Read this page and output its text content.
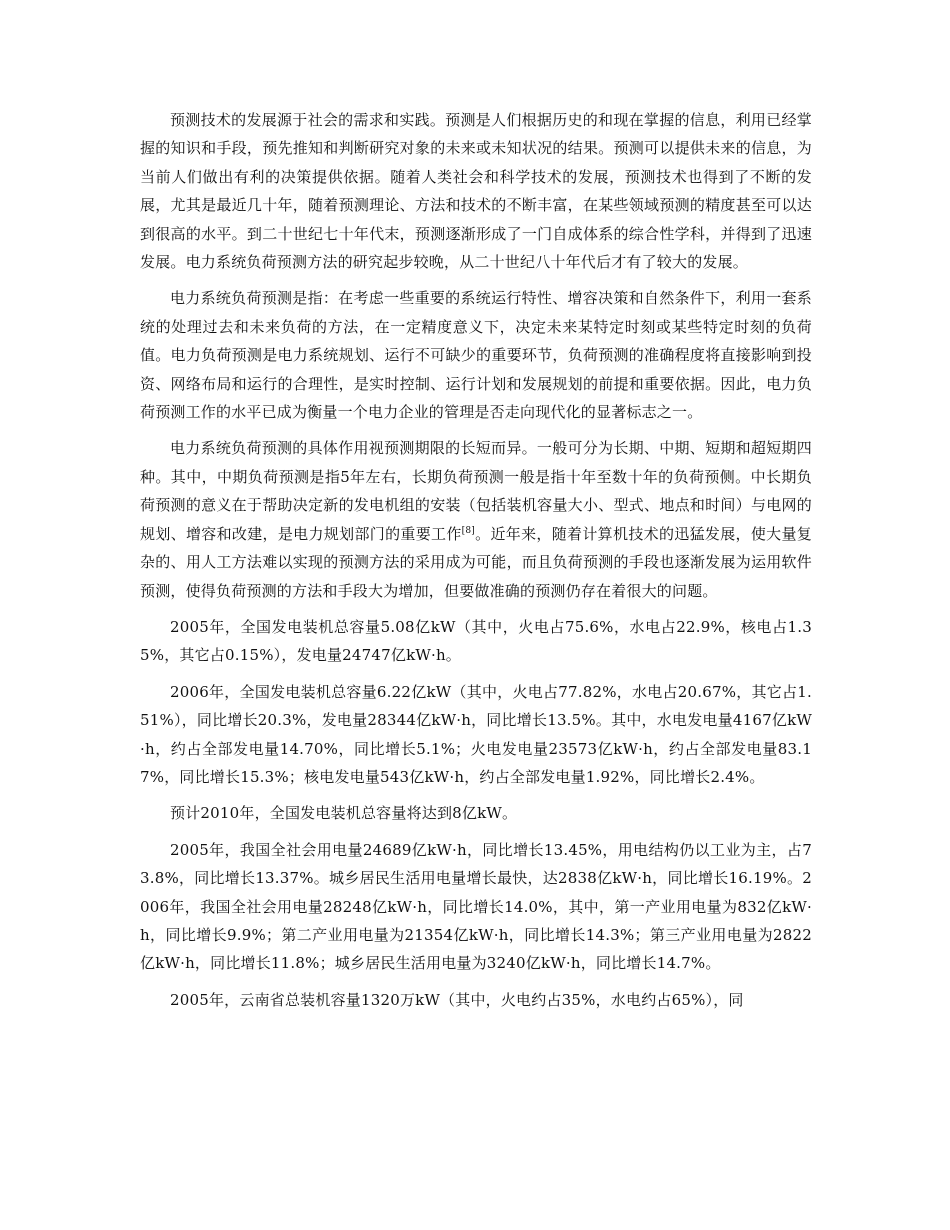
预测技术的发展源于社会的需求和实践。预测是人们根据历史的和现在掌握的信息，利用已经掌握的知识和手段，预先推知和判断研究对象的未来或未知状况的结果。预测可以提供未来的信息，为当前人们做出有利的决策提供依据。随着人类社会和科学技术的发展，预测技术也得到了不断的发展，尤其是最近几十年，随着预测理论、方法和技术的不断丰富，在某些领域预测的精度甚至可以达到很高的水平。到二十世纪七十年代末，预测逐渐形成了一门自成体系的综合性学科，并得到了迅速发展。电力系统负荷预测方法的研究起步较晚，从二十世纪八十年代后才有了较大的发展。

电力系统负荷预测是指：在考虑一些重要的系统运行特性、增容决策和自然条件下，利用一套系统的处理过去和未来负荷的方法，在一定精度意义下，决定未来某特定时刻或某些特定时刻的负荷值。电力负荷预测是电力系统规划、运行不可缺少的重要环节，负荷预测的准确程度将直接影响到投资、网络布局和运行的合理性，是实时控制、运行计划和发展规划的前提和重要依据。因此，电力负荷预测工作的水平已成为衡量一个电力企业的管理是否走向现代化的显著标志之一。

电力系统负荷预测的具体作用视预测期限的长短而异。一般可分为长期、中期、短期和超短期四种。其中，中期负荷预测是指5年左右，长期负荷预测一般是指十年至数十年的负荷预侧。中长期负荷预测的意义在于帮助决定新的发电机组的安装（包括装机容量大小、型式、地点和时间）与电网的规划、增容和改建，是电力规划部门的重要工作[8]。近年来，随着计算机技术的迅猛发展，使大量复杂的、用人工方法难以实现的预测方法的采用成为可能，而且负荷预测的手段也逐渐发展为运用软件预测，使得负荷预测的方法和手段大为增加，但要做准确的预测仍存在着很大的问题。

2005年，全国发电装机总容量5.08亿kW（其中，火电占75.6%，水电占22.9%，核电占1.35%，其它占0.15%），发电量24747亿kW·h。

2006年，全国发电装机总容量6.22亿kW（其中，火电占77.82%，水电占20.67%，其它占1.51%），同比增长20.3%，发电量28344亿kW·h，同比增长13.5%。其中，水电发电量4167亿kW·h，约占全部发电量14.70%，同比增长5.1%；火电发电量23573亿kW·h，约占全部发电量83.17%，同比增长15.3%；核电发电量543亿kW·h，约占全部发电量1.92%，同比增长2.4%。

预计2010年，全国发电装机总容量将达到8亿kW。

2005年，我国全社会用电量24689亿kW·h，同比增长13.45%，用电结构仍以工业为主，占73.8%，同比增长13.37%。城乡居民生活用电量增长最快，达2838亿kW·h，同比增长16.19%。2006年，我国全社会用电量28248亿kW·h，同比增长14.0%，其中，第一产业用电量为832亿kW·h，同比增长9.9%；第二产业用电量为21354亿kW·h，同比增长14.3%；第三产业用电量为2822亿kW·h，同比增长11.8%；城乡居民生活用电量为3240亿kW·h，同比增长14.7%。

2005年，云南省总装机容量1320万kW（其中，火电约占35%，水电约占65%），同
